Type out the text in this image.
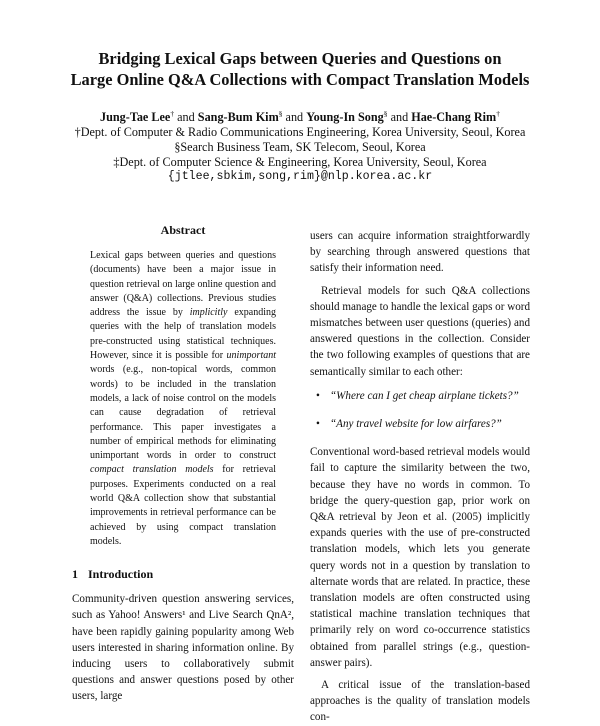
Bridging Lexical Gaps between Queries and Questions on
Large Online Q&A Collections with Compact Translation Models
Jung-Tae Lee† and Sang-Bum Kim§ and Young-In Song§ and Hae-Chang Rim†
†Dept. of Computer & Radio Communications Engineering, Korea University, Seoul, Korea
§Search Business Team, SK Telecom, Seoul, Korea
‡Dept. of Computer Science & Engineering, Korea University, Seoul, Korea
{jtlee,sbkim,song,rim}@nlp.korea.ac.kr
Abstract
Lexical gaps between queries and questions (documents) have been a major issue in question retrieval on large online question and answer (Q&A) collections. Previous studies address the issue by implicitly expanding queries with the help of translation models pre-constructed using statistical techniques. However, since it is possible for unimportant words (e.g., non-topical words, common words) to be included in the translation models, a lack of noise control on the models can cause degradation of retrieval performance. This paper investigates a number of empirical methods for eliminating unimportant words in order to construct compact translation models for retrieval purposes. Experiments conducted on a real world Q&A collection show that substantial improvements in retrieval performance can be achieved by using compact translation models.
1 Introduction

Community-driven question answering services, such as Yahoo! Answers¹ and Live Search QnA², have been rapidly gaining popularity among Web users interested in sharing information online. By inducing users to collaboratively submit questions and answer questions posed by other users, large

users can acquire information straightforwardly by searching through answered questions that satisfy their information need.

Retrieval models for such Q&A collections should manage to handle the lexical gaps or word mismatches between user questions (queries) and answered questions in the collection. Consider the two following examples of questions that are semantically similar to each other:

• “Where can I get cheap airplane tickets?”
• “Any travel website for low airfares?”

Conventional word-based retrieval models would fail to capture the similarity between the two, because they have no words in common. To bridge the query-question gap, prior work on Q&A retrieval by Jeon et al. (2005) implicitly expands queries with the use of pre-constructed translation models, which lets you generate query words not in a question by translation to alternate words that are related. In practice, these translation models are often constructed using statistical machine translation techniques that primarily rely on word co-occurrence statistics obtained from parallel strings (e.g., question-answer pairs).

A critical issue of the translation-based approaches is the quality of translation models con-
